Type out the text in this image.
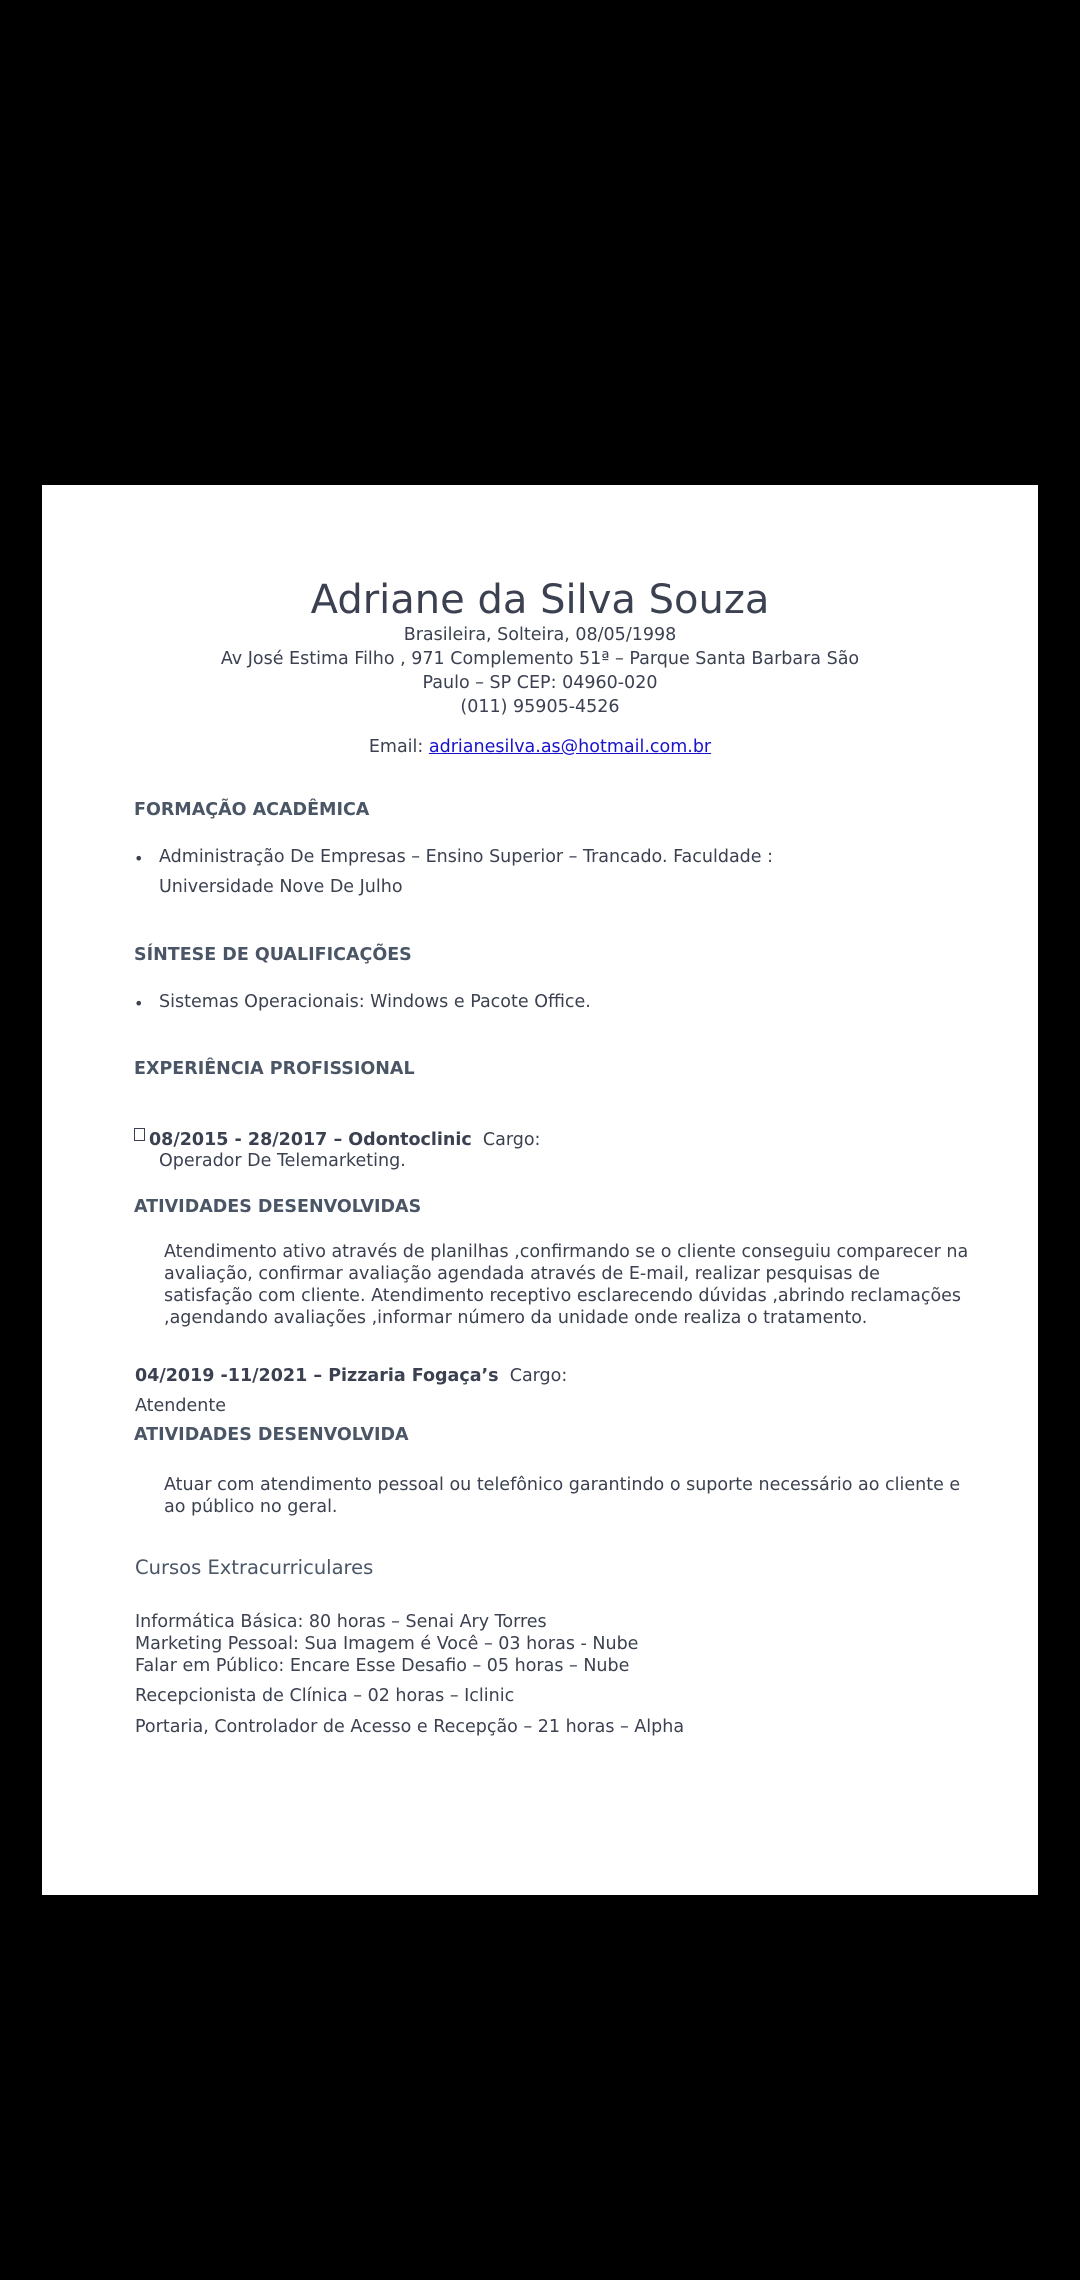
Adriane da Silva Souza
Brasileira, Solteira, 08/05/1998
Av José Estima Filho , 971 Complemento 51ª – Parque Santa Barbara São
Paulo – SP CEP: 04960-020
(011) 95905-4526
Email: adrianesilva.as@hotmail.com.br
FORMAÇÃO ACADÊMICA
• Administração De Empresas – Ensino Superior – Trancado. Faculdade :
Universidade Nove De Julho
SÍNTESE DE QUALIFICAÇÕES
• Sistemas Operacionais: Windows e Pacote Office.
EXPERIÊNCIA PROFISSIONAL
08/2015 - 28/2017 – Odontoclinic Cargo:
Operador De Telemarketing.
ATIVIDADES DESENVOLVIDAS
Atendimento ativo através de planilhas ,confirmando se o cliente conseguiu comparecer na
avaliação, confirmar avaliação agendada através de E-mail, realizar pesquisas de
satisfação com cliente. Atendimento receptivo esclarecendo dúvidas ,abrindo reclamações
,agendando avaliações ,informar número da unidade onde realiza o tratamento.
04/2019 -11/2021 – Pizzaria Fogaça’s Cargo:
Atendente
ATIVIDADES DESENVOLVIDA
Atuar com atendimento pessoal ou telefônico garantindo o suporte necessário ao cliente e
ao público no geral.
Cursos Extracurriculares
Informática Básica: 80 horas – Senai Ary Torres
Marketing Pessoal: Sua Imagem é Você – 03 horas - Nube
Falar em Público: Encare Esse Desafio – 05 horas – Nube
Recepcionista de Clínica – 02 horas – Iclinic
Portaria, Controlador de Acesso e Recepção – 21 horas – Alpha
